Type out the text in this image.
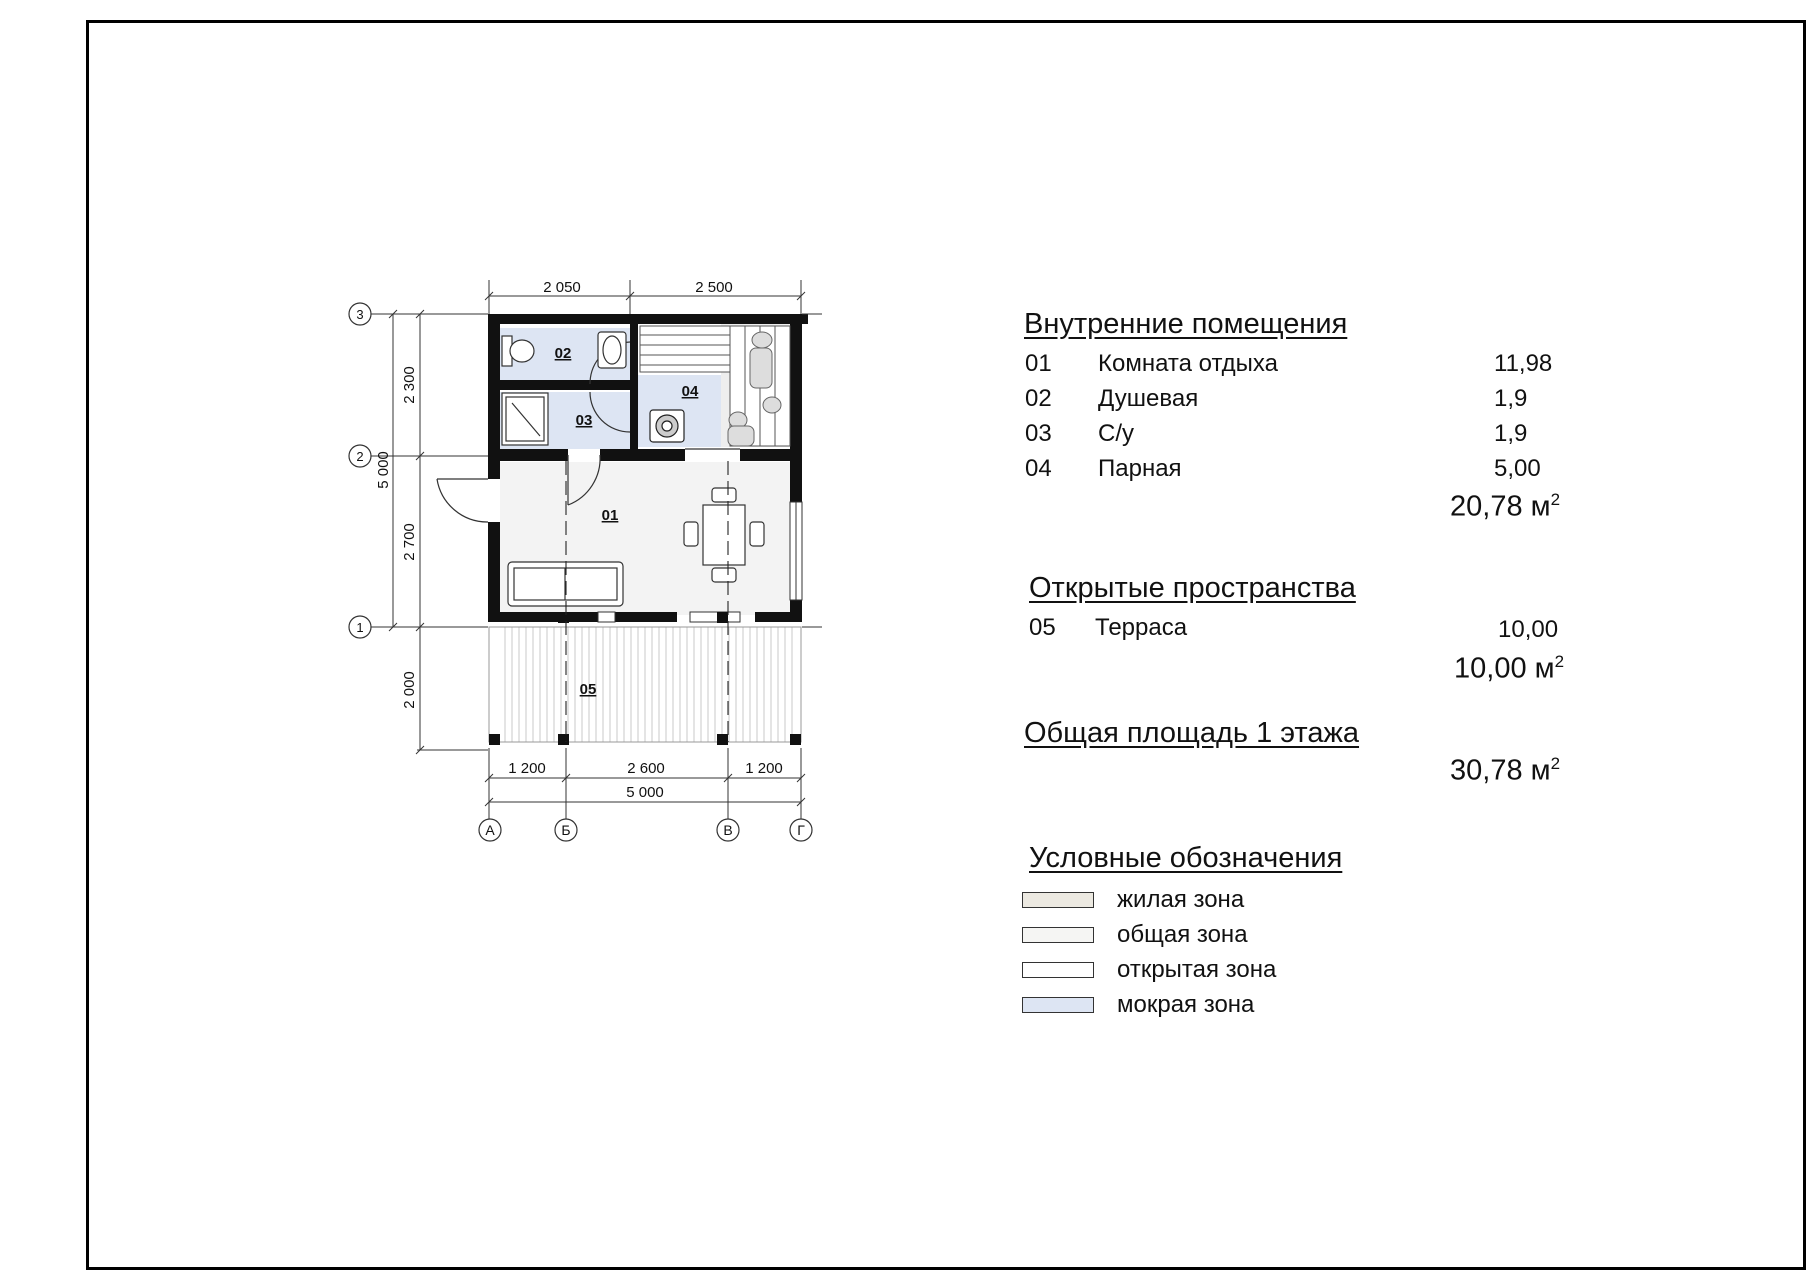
2 050	2 500
1 200	2 600	1 200
5 000
2 300
5 000
2 700
2 000
3
2
1
А	Б	В	Г
01
02
03
04
05
Внутренние помещения
01 Комната отдыха	11,98
02 Душевая	1,9
03 С/у	1,9
04 Парная	5,00
20,78 $м^2$
Открытые пространства
05 Терраса	10,00
10,00 $м^2$
Общая площадь 1 этажа
30,78 $м^2$
Условные обозначения
жилая зона
общая зона
открытая зона
мокрая зона
